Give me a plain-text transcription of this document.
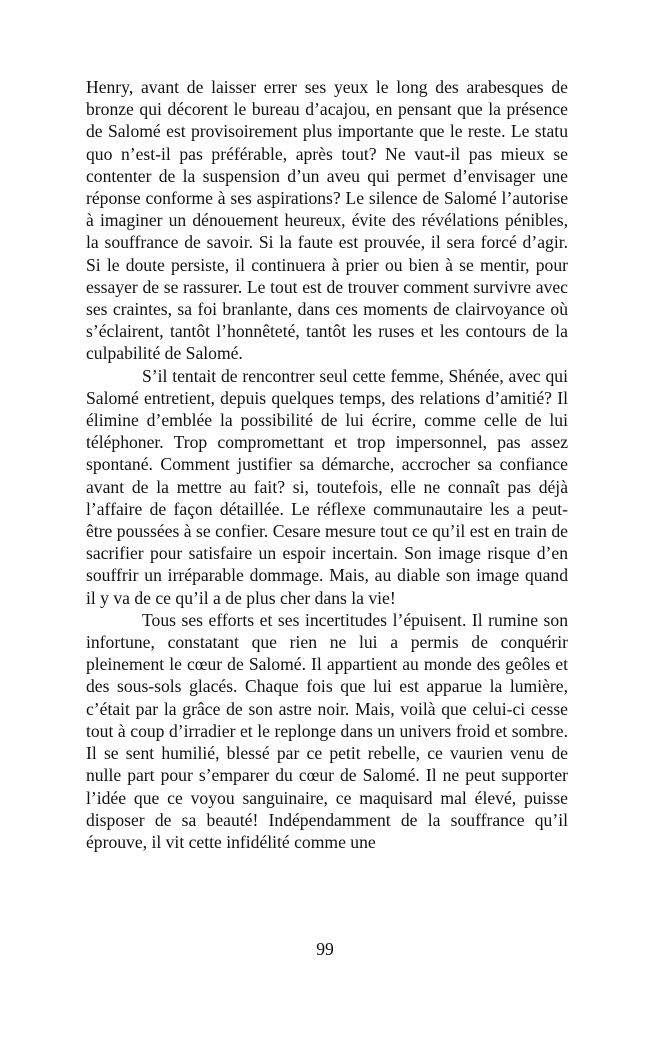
Henry, avant de laisser errer ses yeux le long des arabesques de bronze qui décorent le bureau d’acajou, en pensant que la présence de Salomé est provisoirement plus importante que le reste. Le statu quo n’est-il pas préférable, après tout? Ne vaut-il pas mieux se contenter de la suspension d’un aveu qui permet d’envisager une réponse conforme à ses aspirations? Le silence de Salomé l’autorise à imaginer un dénouement heureux, évite des révélations pénibles, la souffrance de savoir. Si la faute est prouvée, il sera forcé d’agir. Si le doute persiste, il continuera à prier ou bien à se mentir, pour essayer de se rassurer. Le tout est de trouver comment survivre avec ses craintes, sa foi branlante, dans ces moments de clairvoyance où s’éclairent, tantôt l’honnêteté, tantôt les ruses et les contours de la culpabilité de Salomé.

S’il tentait de rencontrer seul cette femme, Shénée, avec qui Salomé entretient, depuis quelques temps, des relations d’amitié? Il élimine d’emblée la possibilité de lui écrire, comme celle de lui téléphoner. Trop compromettant et trop impersonnel, pas assez spontané. Comment justifier sa démarche, accrocher sa confiance avant de la mettre au fait? si, toutefois, elle ne connaît pas déjà l’affaire de façon détaillée. Le réflexe communautaire les a peut-être poussées à se confier. Cesare mesure tout ce qu’il est en train de sacrifier pour satisfaire un espoir incertain. Son image risque d’en souffrir un irréparable dommage. Mais, au diable son image quand il y va de ce qu’il a de plus cher dans la vie!

Tous ses efforts et ses incertitudes l’épuisent. Il rumine son infortune, constatant que rien ne lui a permis de conquérir pleinement le cœur de Salomé. Il appartient au monde des geôles et des sous-sols glacés. Chaque fois que lui est apparue la lumière, c’était par la grâce de son astre noir. Mais, voilà que celui-ci cesse tout à coup d’irradier et le replonge dans un univers froid et sombre. Il se sent humilié, blessé par ce petit rebelle, ce vaurien venu de nulle part pour s’emparer du cœur de Salomé. Il ne peut supporter l’idée que ce voyou sanguinaire, ce maquisard mal élevé, puisse disposer de sa beauté! Indépendamment de la souffrance qu’il éprouve, il vit cette infidélité comme une

99
